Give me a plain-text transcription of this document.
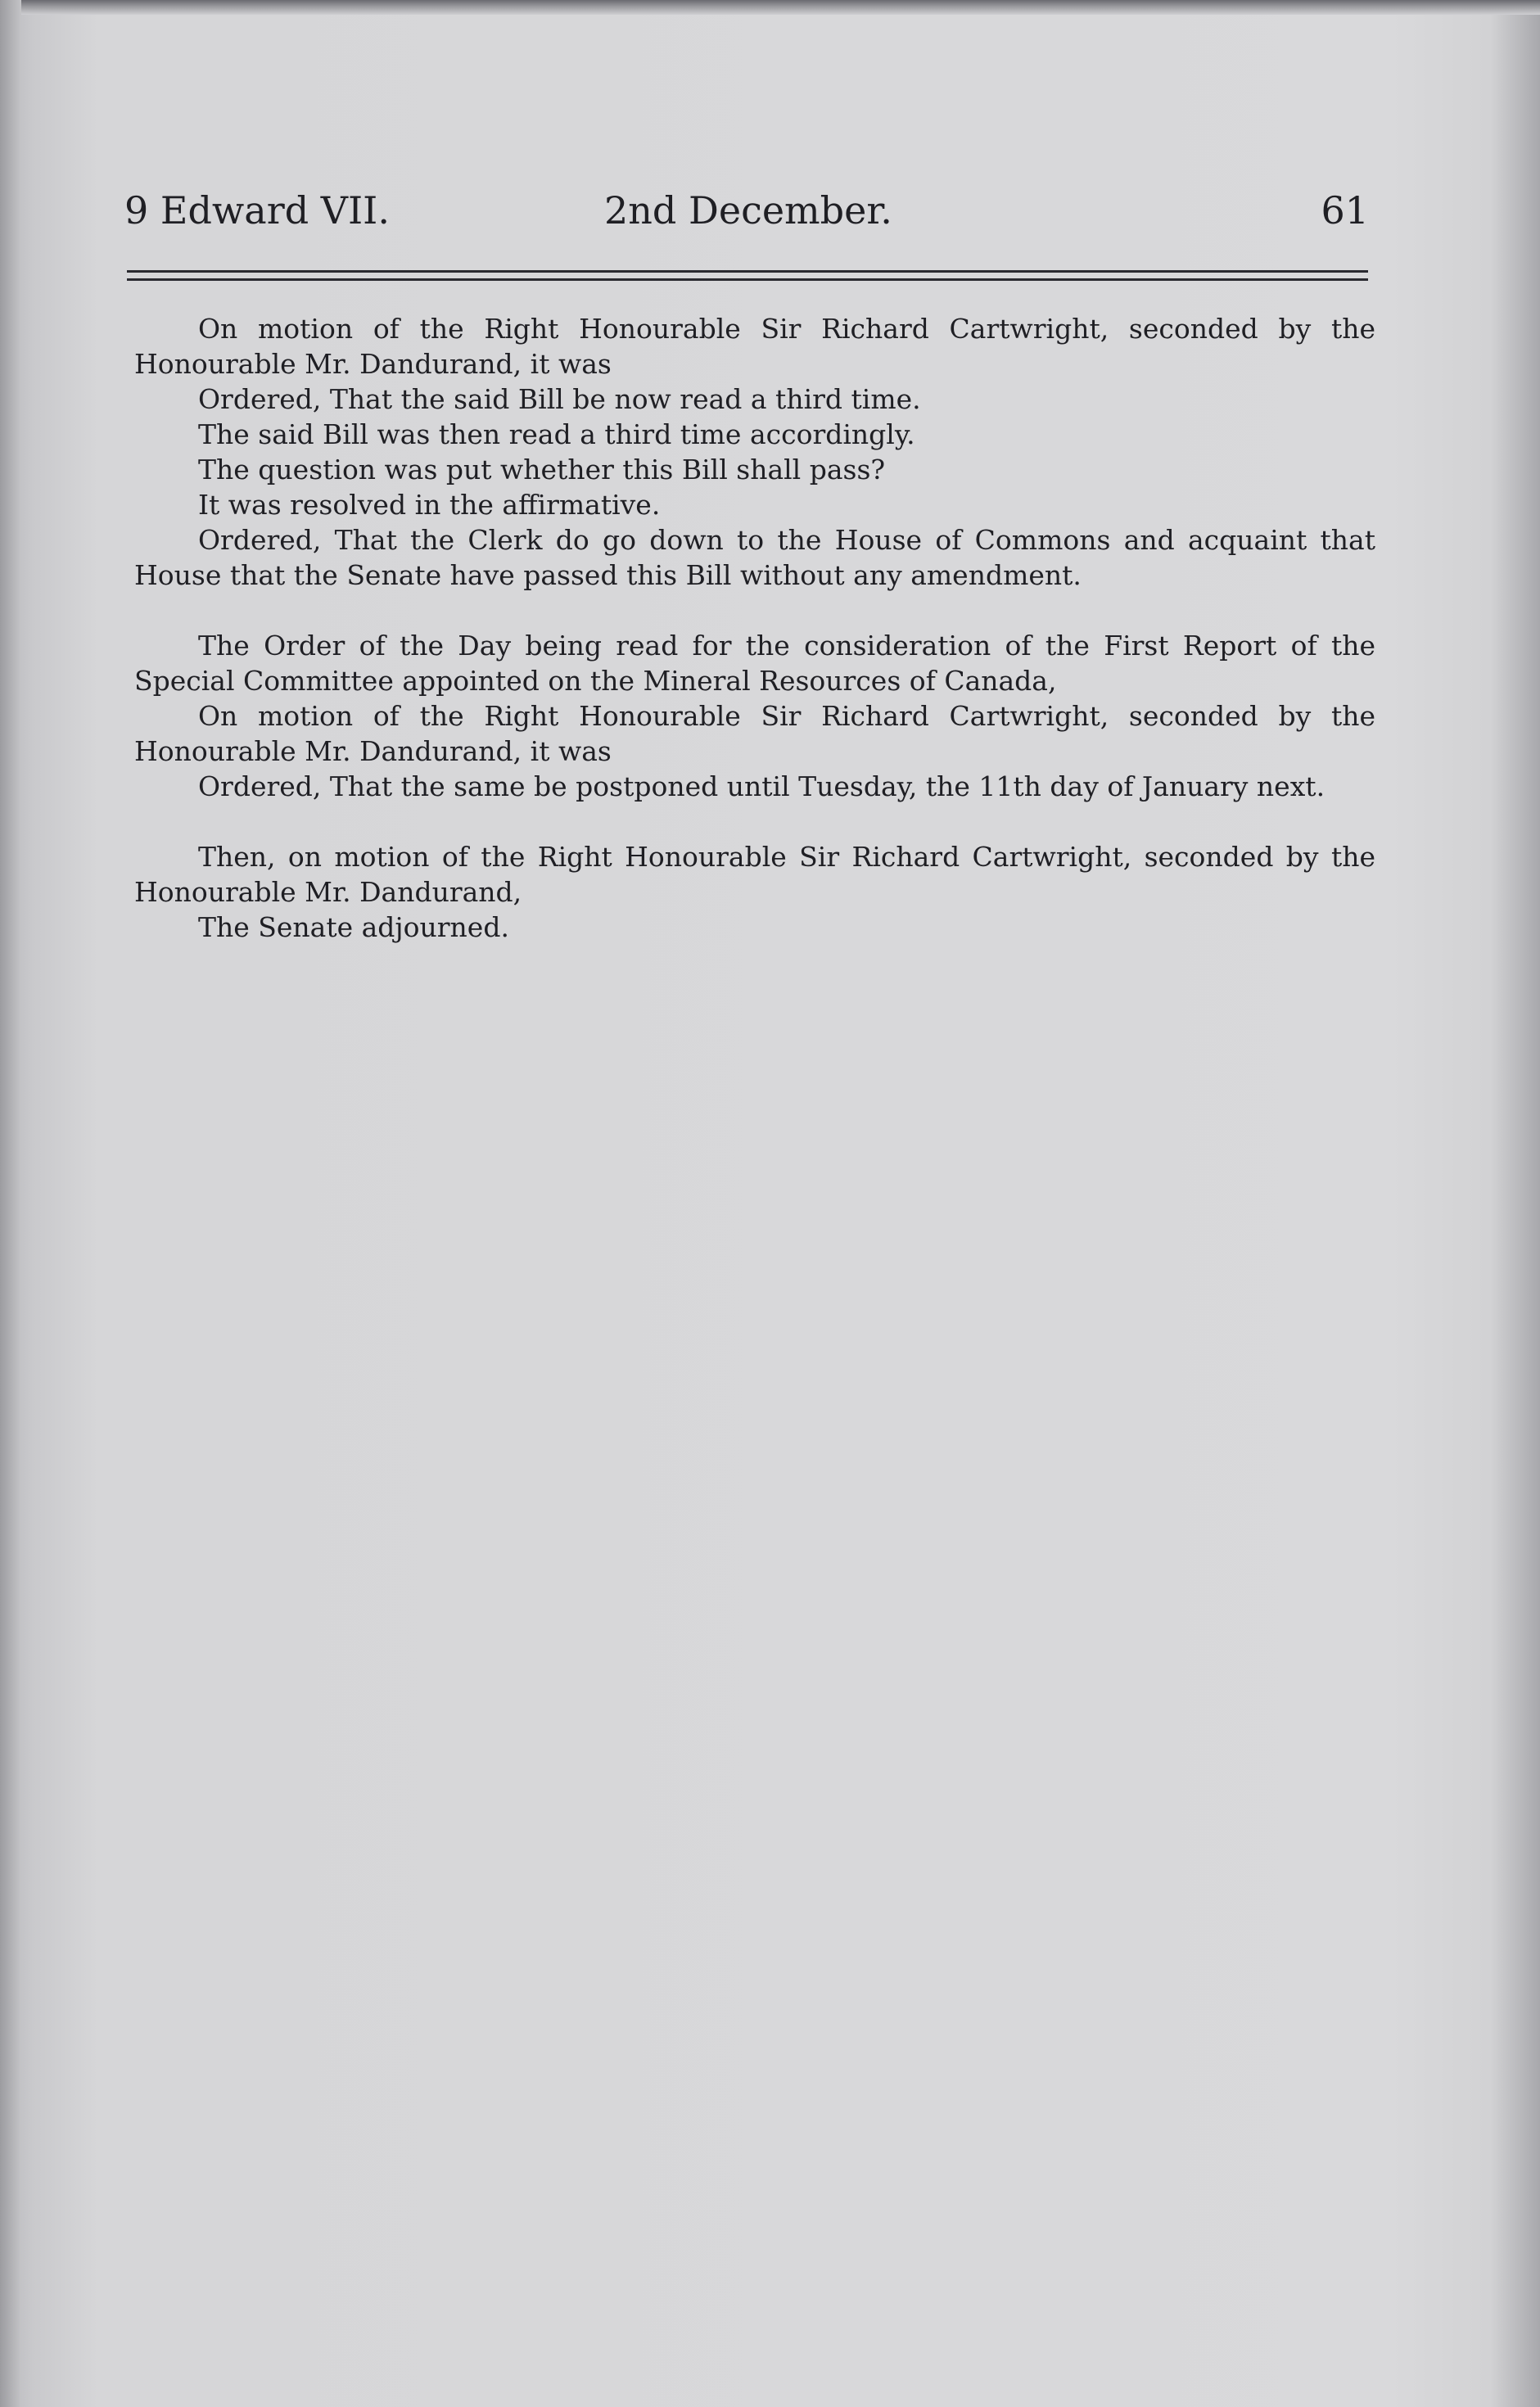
9 Edward VII.	2nd December.	61

On motion of the Right Honourable Sir Richard Cartwright, seconded by the Honourable Mr. Dandurand, it was

Ordered, That the said Bill be now read a third time.

The said Bill was then read a third time accordingly.

The question was put whether this Bill shall pass?

It was resolved in the affirmative.

Ordered, That the Clerk do go down to the House of Commons and acquaint that House that the Senate have passed this Bill without any amendment.

The Order of the Day being read for the consideration of the First Report of the Special Committee appointed on the Mineral Resources of Canada,

On motion of the Right Honourable Sir Richard Cartwright, seconded by the Honourable Mr. Dandurand, it was

Ordered, That the same be postponed until Tuesday, the 11th day of January next.

Then, on motion of the Right Honourable Sir Richard Cartwright, seconded by the Honourable Mr. Dandurand,

The Senate adjourned.
